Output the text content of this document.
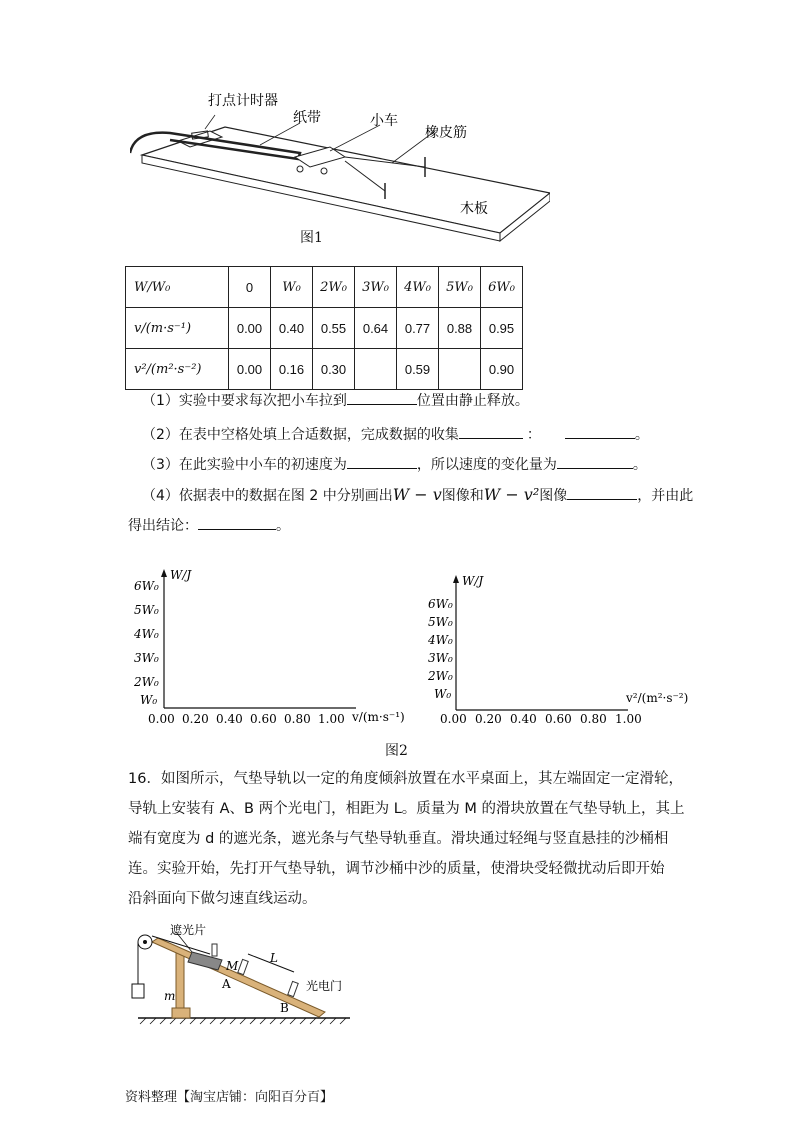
打点计时器
纸带	小车
橡皮筋
木板
图1
W/W₀	0	W₀	2W₀	3W₀	4W₀	5W₀	6W₀
v/(m·s⁻¹)	0.00	0.40	0.55	0.64	0.77	0.88	0.95
v²/(m²·s⁻²)	0.00	0.16	0.30		0.59		0.90
（1）实验中要求每次把小车拉到	位置由静止释放。
（2）在表中空格处填上合适数据，完成数据的收集	：	。
（3）在此实验中小车的初速度为	，所以速度的变化量为	。
（4）依据表中的数据在图 2 中分别画出W − v图像和W − v²图像	，并由此
得出结论：	。
W/J
6W₀
5W₀
4W₀
3W₀
2W₀
W₀
0.00 0.20 0.40 0.60 0.80 1.00 v/(m·s⁻¹)
W/J
6W₀
5W₀
4W₀
3W₀
2W₀
W₀
0.00 0.20 0.40 0.60 0.80 1.00
v²/(m²·s⁻²)
图2
16．如图所示，气垫导轨以一定的角度倾斜放置在水平桌面上，其左端固定一定滑轮，
导轨上安装有 A、B 两个光电门，相距为 L。质量为 M 的滑块放置在气垫导轨上，其上
端有宽度为 d 的遮光条，遮光条与气垫导轨垂直。滑块通过轻绳与竖直悬挂的沙桶相
连。实验开始，先打开气垫导轨，调节沙桶中沙的质量，使滑块受轻微扰动后即开始
沿斜面向下做匀速直线运动。
遮光片
M
L
光电门
A
B
m
资料整理【淘宝店铺：向阳百分百】
